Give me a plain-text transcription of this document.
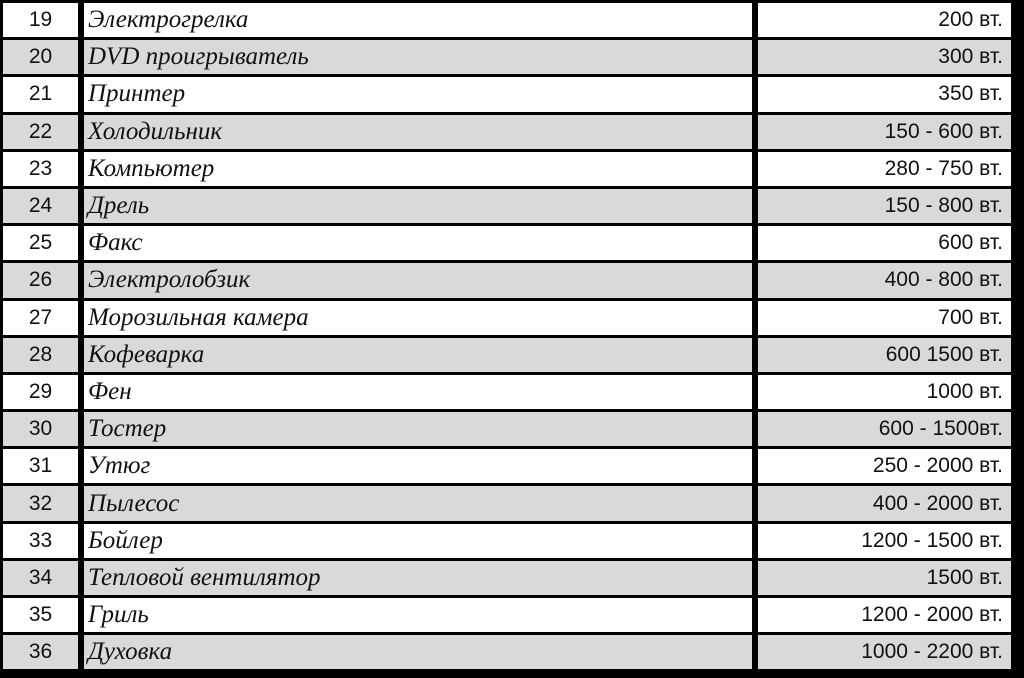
19	Электрогрелка	200 вт.
20	DVD проигрыватель	300 вт.
21	Принтер	350 вт.
22	Холодильник	150 - 600 вт.
23	Компьютер	280 - 750 вт.
24	Дрель	150 - 800 вт.
25	Факс	600 вт.
26	Электролобзик	400 - 800 вт.
27	Морозильная камера	700 вт.
28	Кофеварка	600 1500 вт.
29	Фен	1000 вт.
30	Тостер	600 - 1500вт.
31	Утюг	250 - 2000 вт.
32	Пылесос	400 - 2000 вт.
33	Бойлер	1200 - 1500 вт.
34	Тепловой вентилятор	1500 вт.
35	Гриль	1200 - 2000 вт.
36	Духовка	1000 - 2200 вт.
